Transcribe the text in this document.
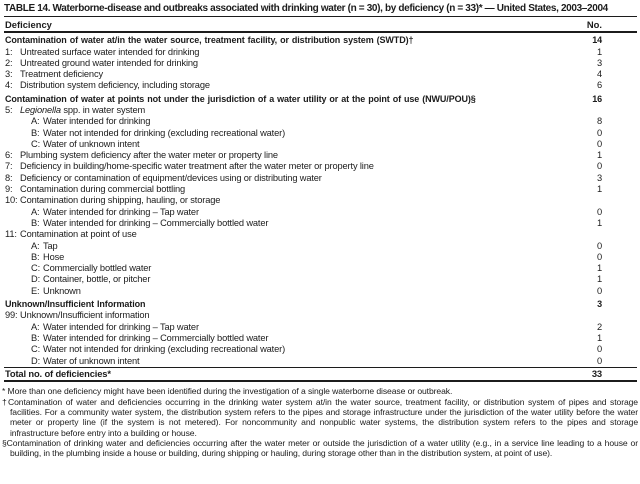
TABLE 14. Waterborne-disease and outbreaks associated with drinking water (n = 30), by deficiency (n = 33)* — United States, 2003–2004
Deficiency	No.
Contamination of water at/in the water source, treatment facility, or distribution system (SWTD)†	14
1: Untreated surface water intended for drinking	1
2: Untreated ground water intended for drinking	3
3: Treatment deficiency	4
4: Distribution system deficiency, including storage	6
Contamination of water at points not under the jurisdiction of a water utility or at the point of use (NWU/POU)§	16
5: Legionella spp. in water system
A: Water intended for drinking	8
B: Water not intended for drinking (excluding recreational water)	0
C: Water of unknown intent	0
6: Plumbing system deficiency after the water meter or property line	1
7: Deficiency in building/home-specific water treatment after the water meter or property line	0
8: Deficiency or contamination of equipment/devices using or distributing water	3
9: Contamination during commercial bottling	1
10: Contamination during shipping, hauling, or storage
A: Water intended for drinking – Tap water	0
B: Water intended for drinking – Commercially bottled water	1
11: Contamination at point of use
A: Tap	0
B: Hose	0
C: Commercially bottled water	1
D: Container, bottle, or pitcher	1
E: Unknown	0
Unknown/Insufficient Information	3
99: Unknown/Insufficient information
A: Water intended for drinking – Tap water	2
B: Water intended for drinking – Commercially bottled water	1
C: Water not intended for drinking (excluding recreational water)	0
D: Water of unknown intent	0
Total no. of deficiencies*	33

* More than one deficiency might have been identified during the investigation of a single waterborne disease or outbreak.

†Contamination of water and deficiencies occurring in the drinking water system at/in the water source, treatment facility, or distribution system of pipes and storage facilities. For a community water system, the distribution system refers to the pipes and storage infrastructure under the jurisdiction of the water utility before the water meter or property line (if the system is not metered). For noncommunity and nonpublic water systems, the distribution system refers to the pipes and storage infrastructure before entry into a building or house.

§Contamination of drinking water and deficiencies occurring after the water meter or outside the jurisdiction of a water utility (e.g., in a service line leading to a house or building, in the plumbing inside a house or building, during shipping or hauling, during storage other than in the distribution system, at point of use).
